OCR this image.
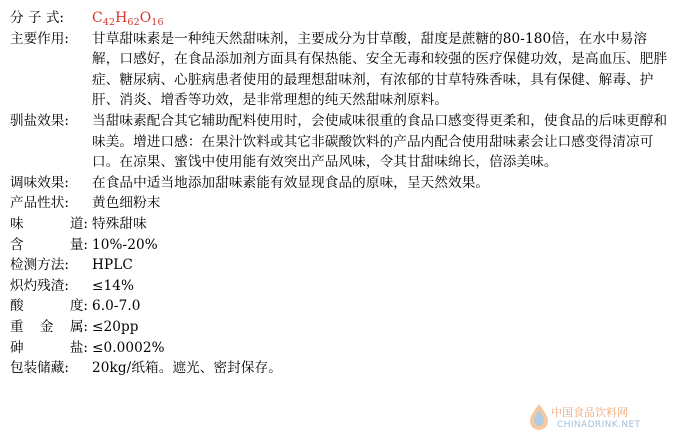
分 子 式:	$C_{42}H_{62}O_{16}$
主要作用:	甘草甜味素是一种纯天然甜味剂，主要成分为甘草酸，甜度是蔗糖的80-180倍，在水中易溶解，口感好，在食品添加剂方面具有保热能、安全无毒和较强的医疗保健功效，是高血压、肥胖症、糖尿病、心脏病患者使用的最理想甜味剂，有浓郁的甘草特殊香味，具有保健、解毒、护肝、消炎、增香等功效，是非常理想的纯天然甜味剂原料。
驯盐效果:	当甜味素配合其它辅助配料使用时，会使咸味很重的食品口感变得更柔和，使食品的后味更醇和味美。增进口感：在果汁饮料或其它非碳酸饮料的产品内配合使用甜味素会让口感变得清凉可口。在凉果、蜜饯中使用能有效突出产品风味，令其甘甜味绵长，倍添美味。
调味效果:	在食品中适当地添加甜味素能有效显现食品的原味，呈天然效果。
产品性状:	黄色细粉末
味	道: 特殊甜味
含	量: 10%-20%
检测方法:	HPLC
炽灼残渣:	≤14%
酸	度: 6.0-7.0
重 金 属: ≤20pp
砷	盐: ≤0.0002%
包装储藏:	20kg/纸箱。遮光、密封保存。
中国食品饮料网
CHINADRINK.NET
